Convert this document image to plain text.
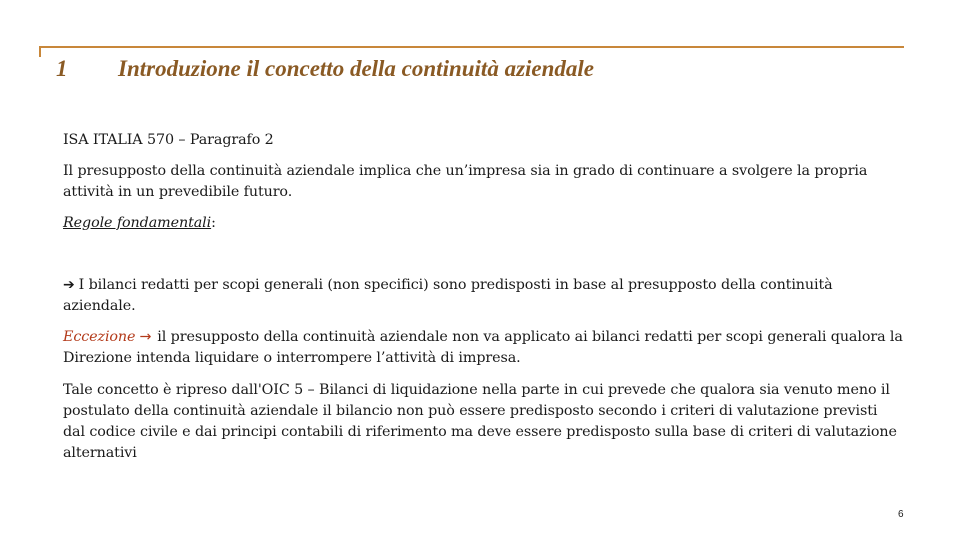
1 Introduzione il concetto della continuità aziendale
ISA ITALIA 570 – Paragrafo 2
Il presupposto della continuità aziendale implica che un’impresa sia in grado di continuare a svolgere la propria attività in un prevedibile futuro.
Regole fondamentali:
➔ I bilanci redatti per scopi generali (non specifici) sono predisposti in base al presupposto della continuità aziendale.
Eccezione → il presupposto della continuità aziendale non va applicato ai bilanci redatti per scopi generali qualora la Direzione intenda liquidare o interrompere l’attività di impresa.
Tale concetto è ripreso dall'OIC 5 – Bilanci di liquidazione nella parte in cui prevede che qualora sia venuto meno il postulato della continuità aziendale il bilancio non può essere predisposto secondo i criteri di valutazione previsti dal codice civile e dai principi contabili di riferimento ma deve essere predisposto sulla base di criteri di valutazione alternativi
6
